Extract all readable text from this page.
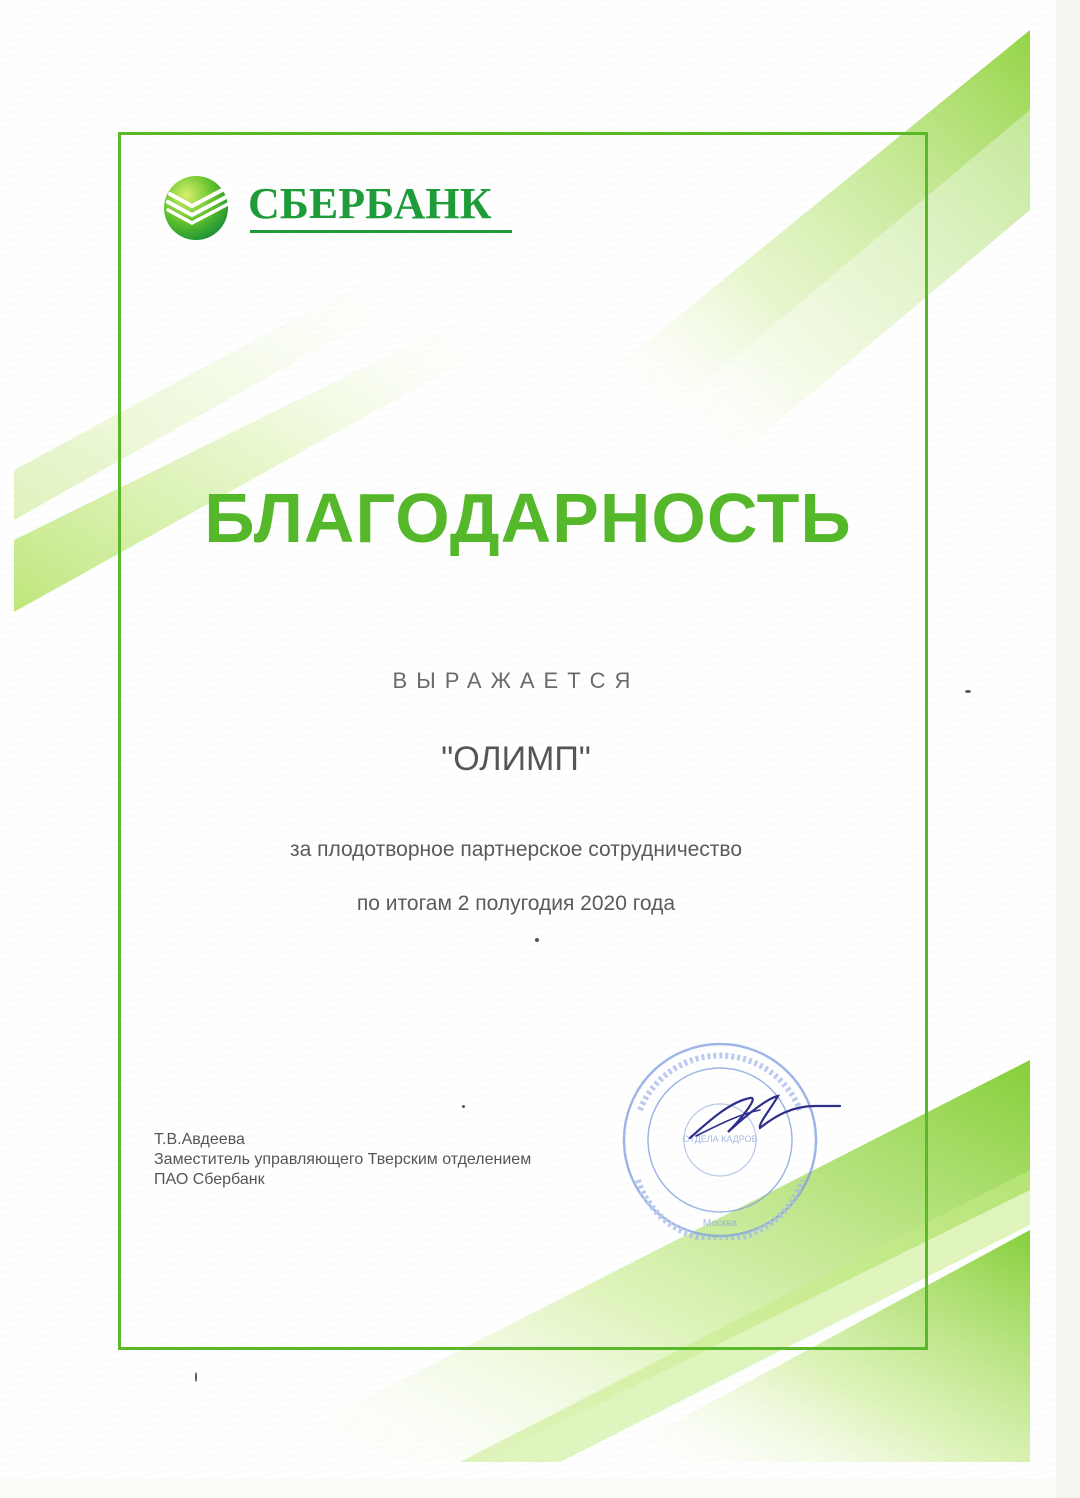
СБЕРБАНК
БЛАГОДАРНОСТЬ
ВЫРАЖАЕТСЯ
"ОЛИМП"
за плодотворное партнерское сотрудничество
по итогам 2 полугодия 2020 года
Т.В.Авдеева
Заместитель управляющего Тверским отделением
ПАО Сбербанк
ОТДЕЛА КАДРОВ
Москва
